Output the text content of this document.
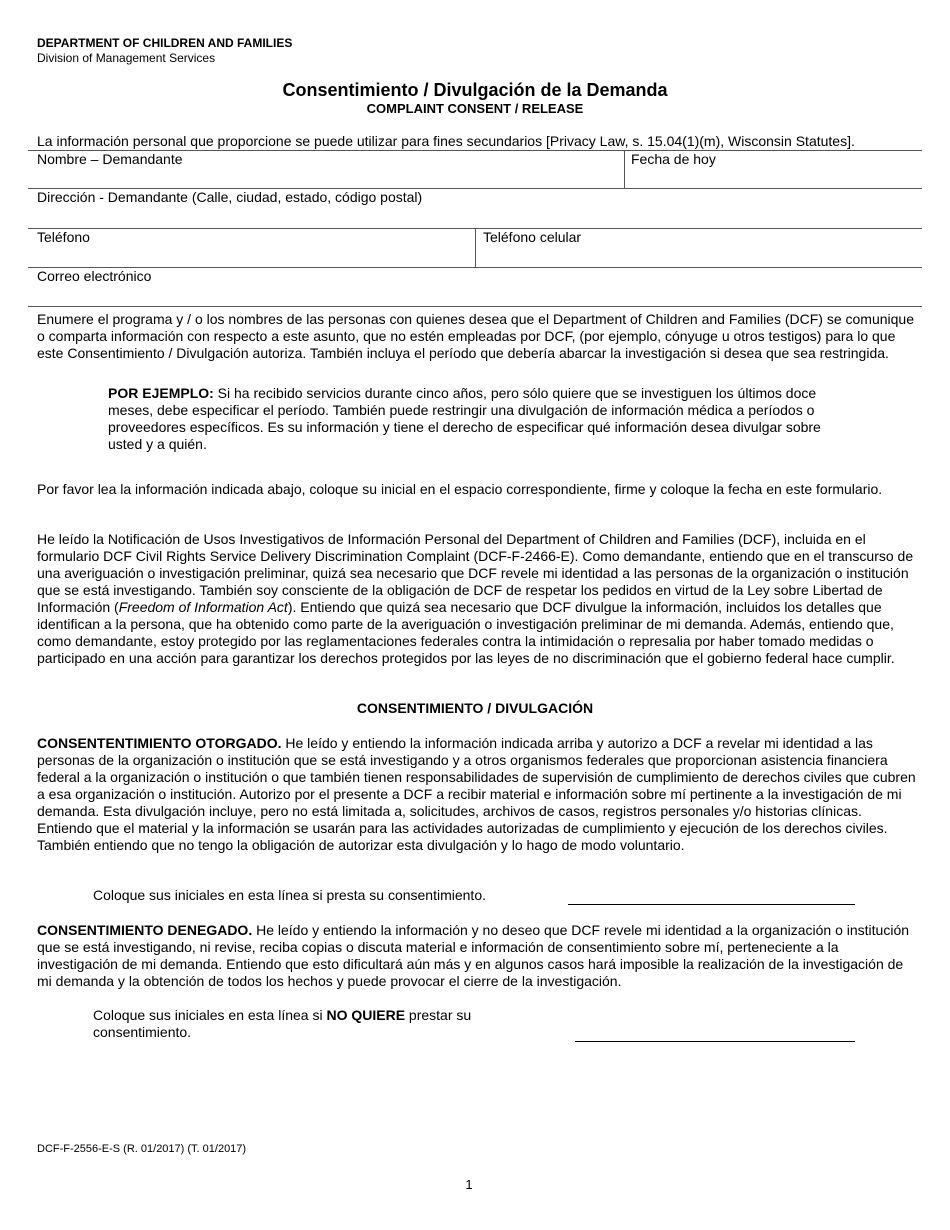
DEPARTMENT OF CHILDREN AND FAMILIES
Division of Management Services
Consentimiento / Divulgación de la Demanda
COMPLAINT CONSENT / RELEASE
La información personal que proporcione se puede utilizar para fines secundarios [Privacy Law, s. 15.04(1)(m), Wisconsin Statutes].
Nombre – Demandante	Fecha de hoy
Dirección - Demandante (Calle, ciudad, estado, código postal)
Teléfono	Teléfono celular
Correo electrónico

Enumere el programa y / o los nombres de las personas con quienes desea que el Department of Children and Families (DCF) se comunique o comparta información con respecto a este asunto, que no estén empleadas por DCF, (por ejemplo, cónyuge u otros testigos) para lo que este Consentimiento / Divulgación autoriza. También incluya el período que debería abarcar la investigación si desea que sea restringida.

POR EJEMPLO: Si ha recibido servicios durante cinco años, pero sólo quiere que se investiguen los últimos doce meses, debe especificar el período. También puede restringir una divulgación de información médica a períodos o proveedores específicos. Es su información y tiene el derecho de especificar qué información desea divulgar sobre usted y a quién.

Por favor lea la información indicada abajo, coloque su inicial en el espacio correspondiente, firme y coloque la fecha en este formulario.

He leído la Notificación de Usos Investigativos de Información Personal del Department of Children and Families (DCF), incluida en el formulario DCF Civil Rights Service Delivery Discrimination Complaint (DCF-F-2466-E). Como demandante, entiendo que en el transcurso de una averiguación o investigación preliminar, quizá sea necesario que DCF revele mi identidad a las personas de la organización o institución que se está investigando. También soy consciente de la obligación de DCF de respetar los pedidos en virtud de la Ley sobre Libertad de Información (Freedom of Information Act). Entiendo que quizá sea necesario que DCF divulgue la información, incluidos los detalles que identifican a la persona, que ha obtenido como parte de la averiguación o investigación preliminar de mi demanda. Además, entiendo que, como demandante, estoy protegido por las reglamentaciones federales contra la intimidación o represalia por haber tomado medidas o participado en una acción para garantizar los derechos protegidos por las leyes de no discriminación que el gobierno federal hace cumplir.

CONSENTIMIENTO / DIVULGACIÓN

CONSENTENTIMIENTO OTORGADO. He leído y entiendo la información indicada arriba y autorizo a DCF a revelar mi identidad a las personas de la organización o institución que se está investigando y a otros organismos federales que proporcionan asistencia financiera federal a la organización o institución o que también tienen responsabilidades de supervisión de cumplimiento de derechos civiles que cubren a esa organización o institución. Autorizo por el presente a DCF a recibir material e información sobre mí pertinente a la investigación de mi demanda. Esta divulgación incluye, pero no está limitada a, solicitudes, archivos de casos, registros personales y/o historias clínicas. Entiendo que el material y la información se usarán para las actividades autorizadas de cumplimiento y ejecución de los derechos civiles. También entiendo que no tengo la obligación de autorizar esta divulgación y lo hago de modo voluntario.

Coloque sus iniciales en esta línea si presta su consentimiento.

CONSENTIMIENTO DENEGADO. He leído y entiendo la información y no deseo que DCF revele mi identidad a la organización o institución que se está investigando, ni revise, reciba copias o discuta material e información de consentimiento sobre mí, perteneciente a la investigación de mi demanda. Entiendo que esto dificultará aún más y en algunos casos hará imposible la realización de la investigación de mi demanda y la obtención de todos los hechos y puede provocar el cierre de la investigación.

Coloque sus iniciales en esta línea si NO QUIERE prestar su consentimiento.

DCF-F-2556-E-S (R. 01/2017) (T. 01/2017)
1
